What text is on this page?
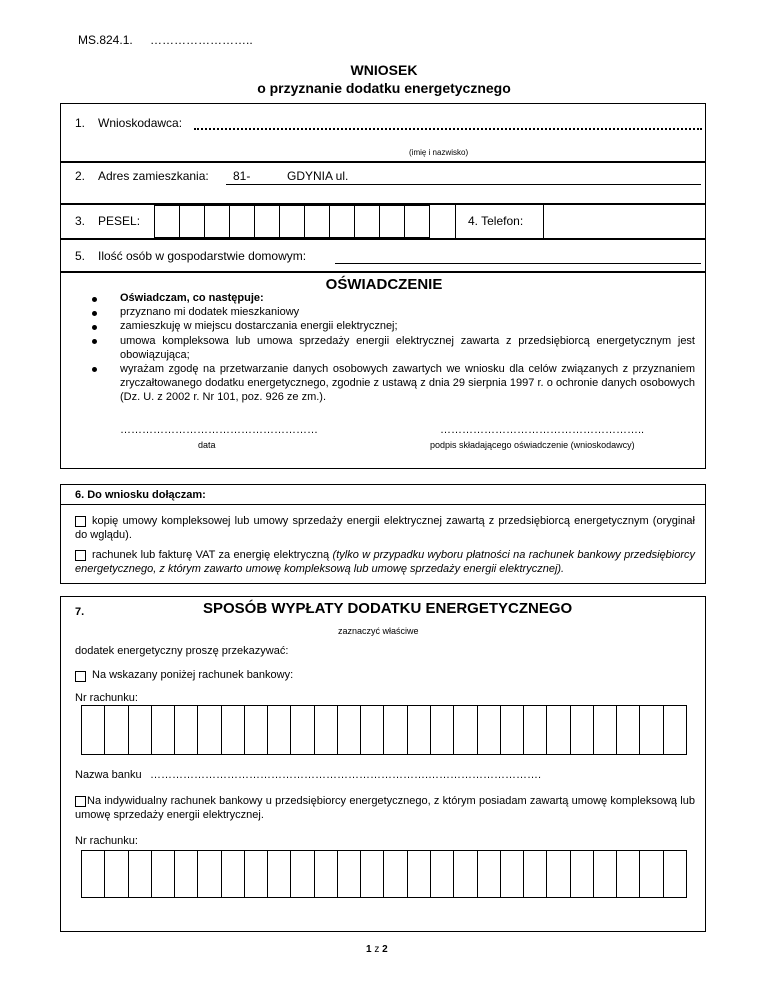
MS.824.1. ……………………..
WNIOSEK
o przyznanie dodatku energetycznego
1. Wnioskodawca:
(imię i nazwisko)
2. Adres zamieszkania: 81-	GDYNIA ul.
3. PESEL:	4. Telefon:
5. Ilość osób w gospodarstwie domowym:
OŚWIADCZENIE
Oświadczam, co następuje:
przyznano mi dodatek mieszkaniowy
zamieszkuję w miejscu dostarczania energii elektrycznej;
umowa kompleksowa lub umowa sprzedaży energii elektrycznej zawarta z przedsiębiorcą energetycznym jest obowiązująca;
wyrażam zgodę na przetwarzanie danych osobowych zawartych we wniosku dla celów związanych z przyznaniem zryczałtowanego dodatku energetycznego, zgodnie z ustawą z dnia 29 sierpnia 1997 r. o ochronie danych osobowych (Dz. U. z 2002 r. Nr 101, poz. 926 ze zm.).
………………………………………………
data
………………………………………………..
podpis składającego oświadczenie (wnioskodawcy)
6. Do wniosku dołączam:
kopię umowy kompleksowej lub umowy sprzedaży energii elektrycznej zawartą z przedsiębiorcą energetycznym (oryginał do wglądu).
rachunek lub fakturę VAT za energię elektryczną (tylko w przypadku wyboru płatności na rachunek bankowy przedsiębiorcy energetycznego, z którym zawarto umowę kompleksową lub umowę sprzedaży energii elektrycznej).
7.	SPOSÓB WYPŁATY DODATKU ENERGETYCZNEGO
zaznaczyć właściwe
dodatek energetyczny proszę przekazywać:
Na wskazany poniżej rachunek bankowy:
Nr rachunku:
Nazwa banku ………………………………………………………………….………………………….
Na indywidualny rachunek bankowy u przedsiębiorcy energetycznego, z którym posiadam zawartą umowę kompleksową lub umowę sprzedaży energii elektrycznej.
Nr rachunku:
1 z 2
